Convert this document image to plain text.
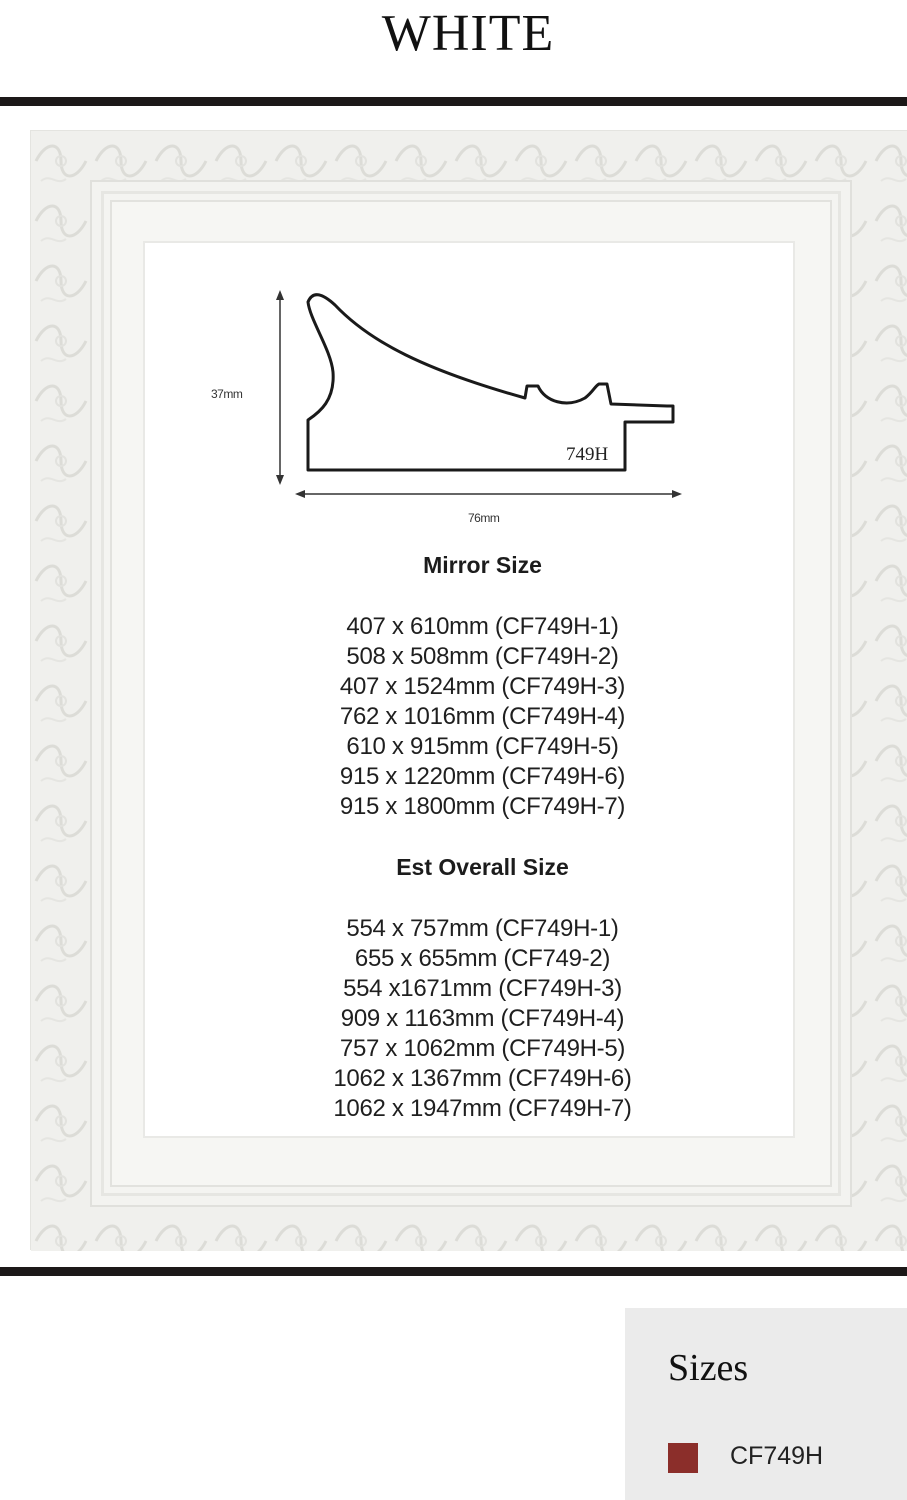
WHITE
37mm
76mm
749H
Mirror Size
407 x 610mm (CF749H-1)
508 x 508mm (CF749H-2)
407 x 1524mm (CF749H-3)
762 x 1016mm (CF749H-4)
610 x 915mm (CF749H-5)
915 x 1220mm (CF749H-6)
915 x 1800mm (CF749H-7)
Est Overall Size
554 x 757mm (CF749H-1)
655 x 655mm (CF749-2)
554 x1671mm (CF749H-3)
909 x 1163mm (CF749H-4)
757 x 1062mm (CF749H-5)
1062 x 1367mm (CF749H-6)
1062 x 1947mm (CF749H-7)
Sizes
CF749H
